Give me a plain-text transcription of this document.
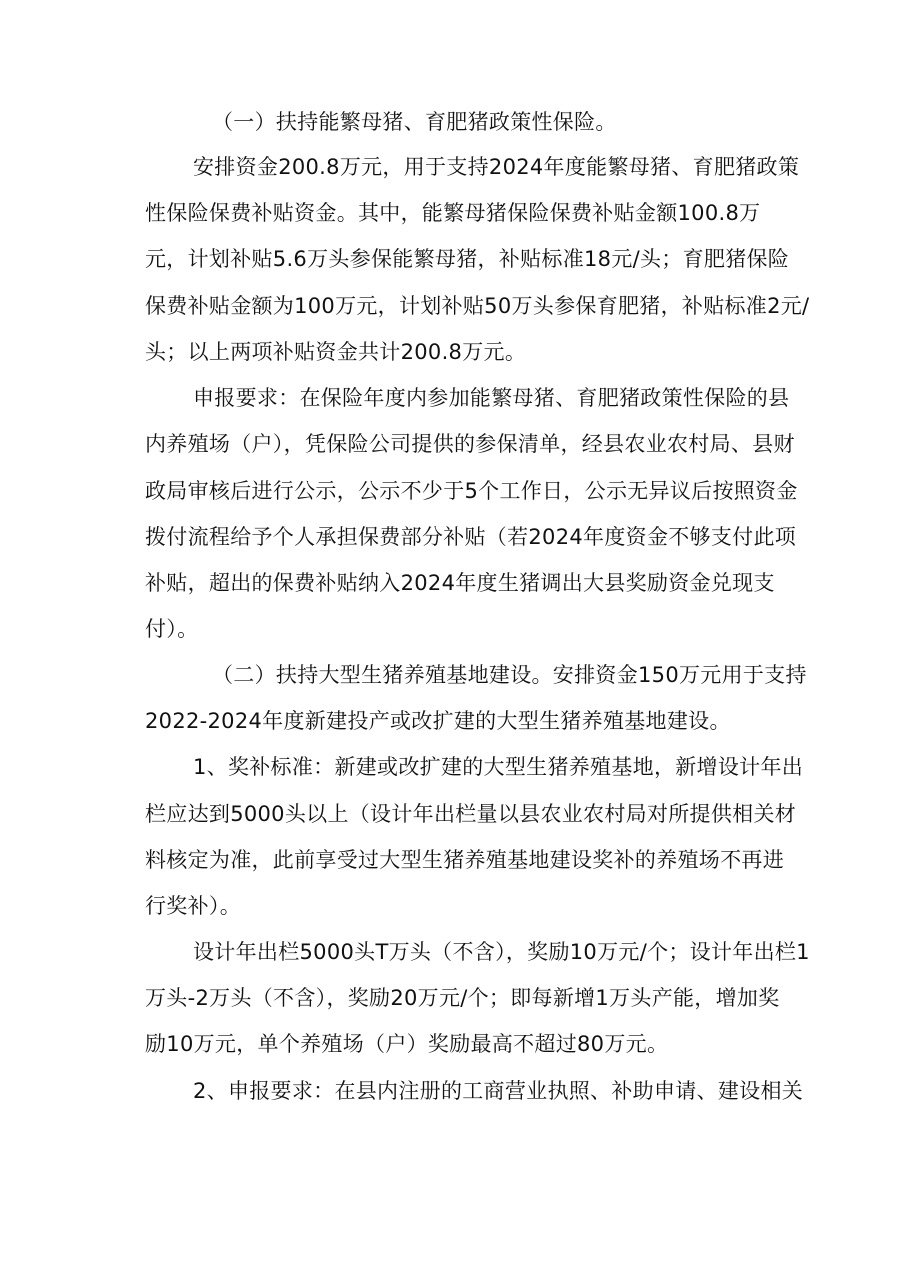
（一）扶持能繁母猪、育肥猪政策性保险。
安排资金200.8万元，用于支持2024年度能繁母猪、育肥猪政策
性保险保费补贴资金。其中，能繁母猪保险保费补贴金额100.8万
元，计划补贴5.6万头参保能繁母猪，补贴标准18元/头；育肥猪保险
保费补贴金额为100万元，计划补贴50万头参保育肥猪，补贴标准2元/
头；以上两项补贴资金共计200.8万元。
申报要求：在保险年度内参加能繁母猪、育肥猪政策性保险的县
内养殖场（户），凭保险公司提供的参保清单，经县农业农村局、县财
政局审核后进行公示，公示不少于5个工作日，公示无异议后按照资金
拨付流程给予个人承担保费部分补贴（若2024年度资金不够支付此项
补贴，超出的保费补贴纳入2024年度生猪调出大县奖励资金兑现支
付）。
（二）扶持大型生猪养殖基地建设。安排资金150万元用于支持
2022-2024年度新建投产或改扩建的大型生猪养殖基地建设。
1、奖补标准：新建或改扩建的大型生猪养殖基地，新增设计年出
栏应达到5000头以上（设计年出栏量以县农业农村局对所提供相关材
料核定为准，此前享受过大型生猪养殖基地建设奖补的养殖场不再进
行奖补）。
设计年出栏5000头T万头（不含），奖励10万元/个；设计年出栏1
万头-2万头（不含），奖励20万元/个；即每新增1万头产能，增加奖
励10万元，单个养殖场（户）奖励最高不超过80万元。
2、申报要求：在县内注册的工商营业执照、补助申请、建设相关
